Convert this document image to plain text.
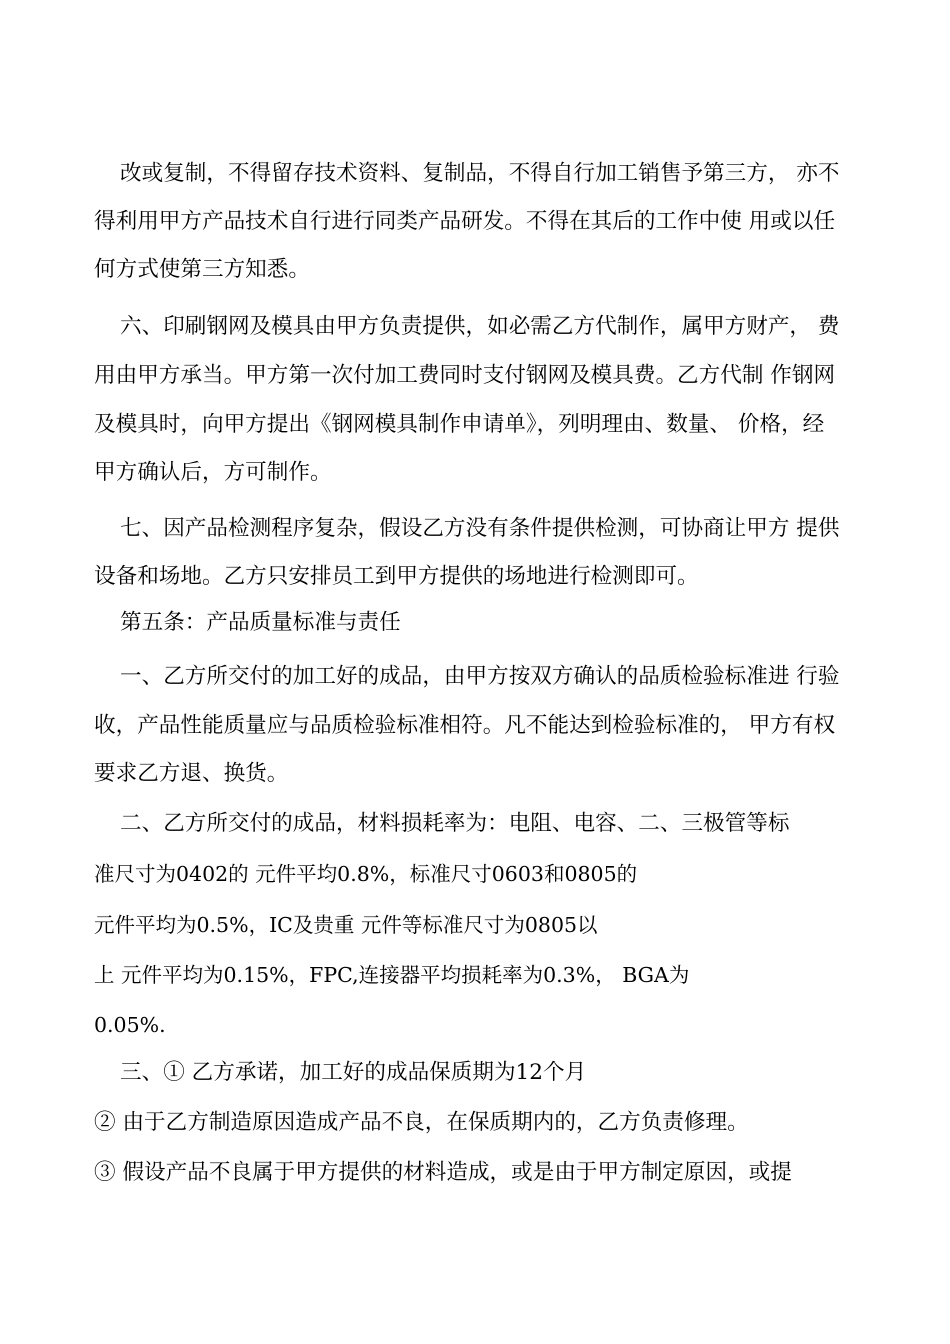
改或复制，不得留存技术资料、复制品，不得自行加工销售予第三方， 亦不
得利用甲方产品技术自行进行同类产品研发。不得在其后的工作中使 用或以任
何方式使第三方知悉。
六、印刷钢网及模具由甲方负责提供，如必需乙方代制作，属甲方财产， 费
用由甲方承当。甲方第一次付加工费同时支付钢网及模具费。乙方代制 作钢网
及模具时，向甲方提出《钢网模具制作申请单》，列明理由、数量、 价格，经
甲方确认后，方可制作。
七、因产品检测程序复杂，假设乙方没有条件提供检测，可协商让甲方 提供
设备和场地。乙方只安排员工到甲方提供的场地进行检测即可。
第五条：产品质量标准与责任
一、乙方所交付的加工好的成品，由甲方按双方确认的品质检验标准进 行验
收，产品性能质量应与品质检验标准相符。凡不能达到检验标准的， 甲方有权
要求乙方退、换货。
二、乙方所交付的成品，材料损耗率为：电阻、电容、二、三极管等标
准尺寸为0402的 元件平均0.8%，标准尺寸0603和0805的
元件平均为0.5%，IC及贵重 元件等标准尺寸为0805以
上 元件平均为0.15%，FPC,连接器平均损耗率为0.3%， BGA为
0.05%.
三、① 乙方承诺，加工好的成品保质期为12个月
② 由于乙方制造原因造成产品不良，在保质期内的，乙方负责修理。
③ 假设产品不良属于甲方提供的材料造成，或是由于甲方制定原因，或提
